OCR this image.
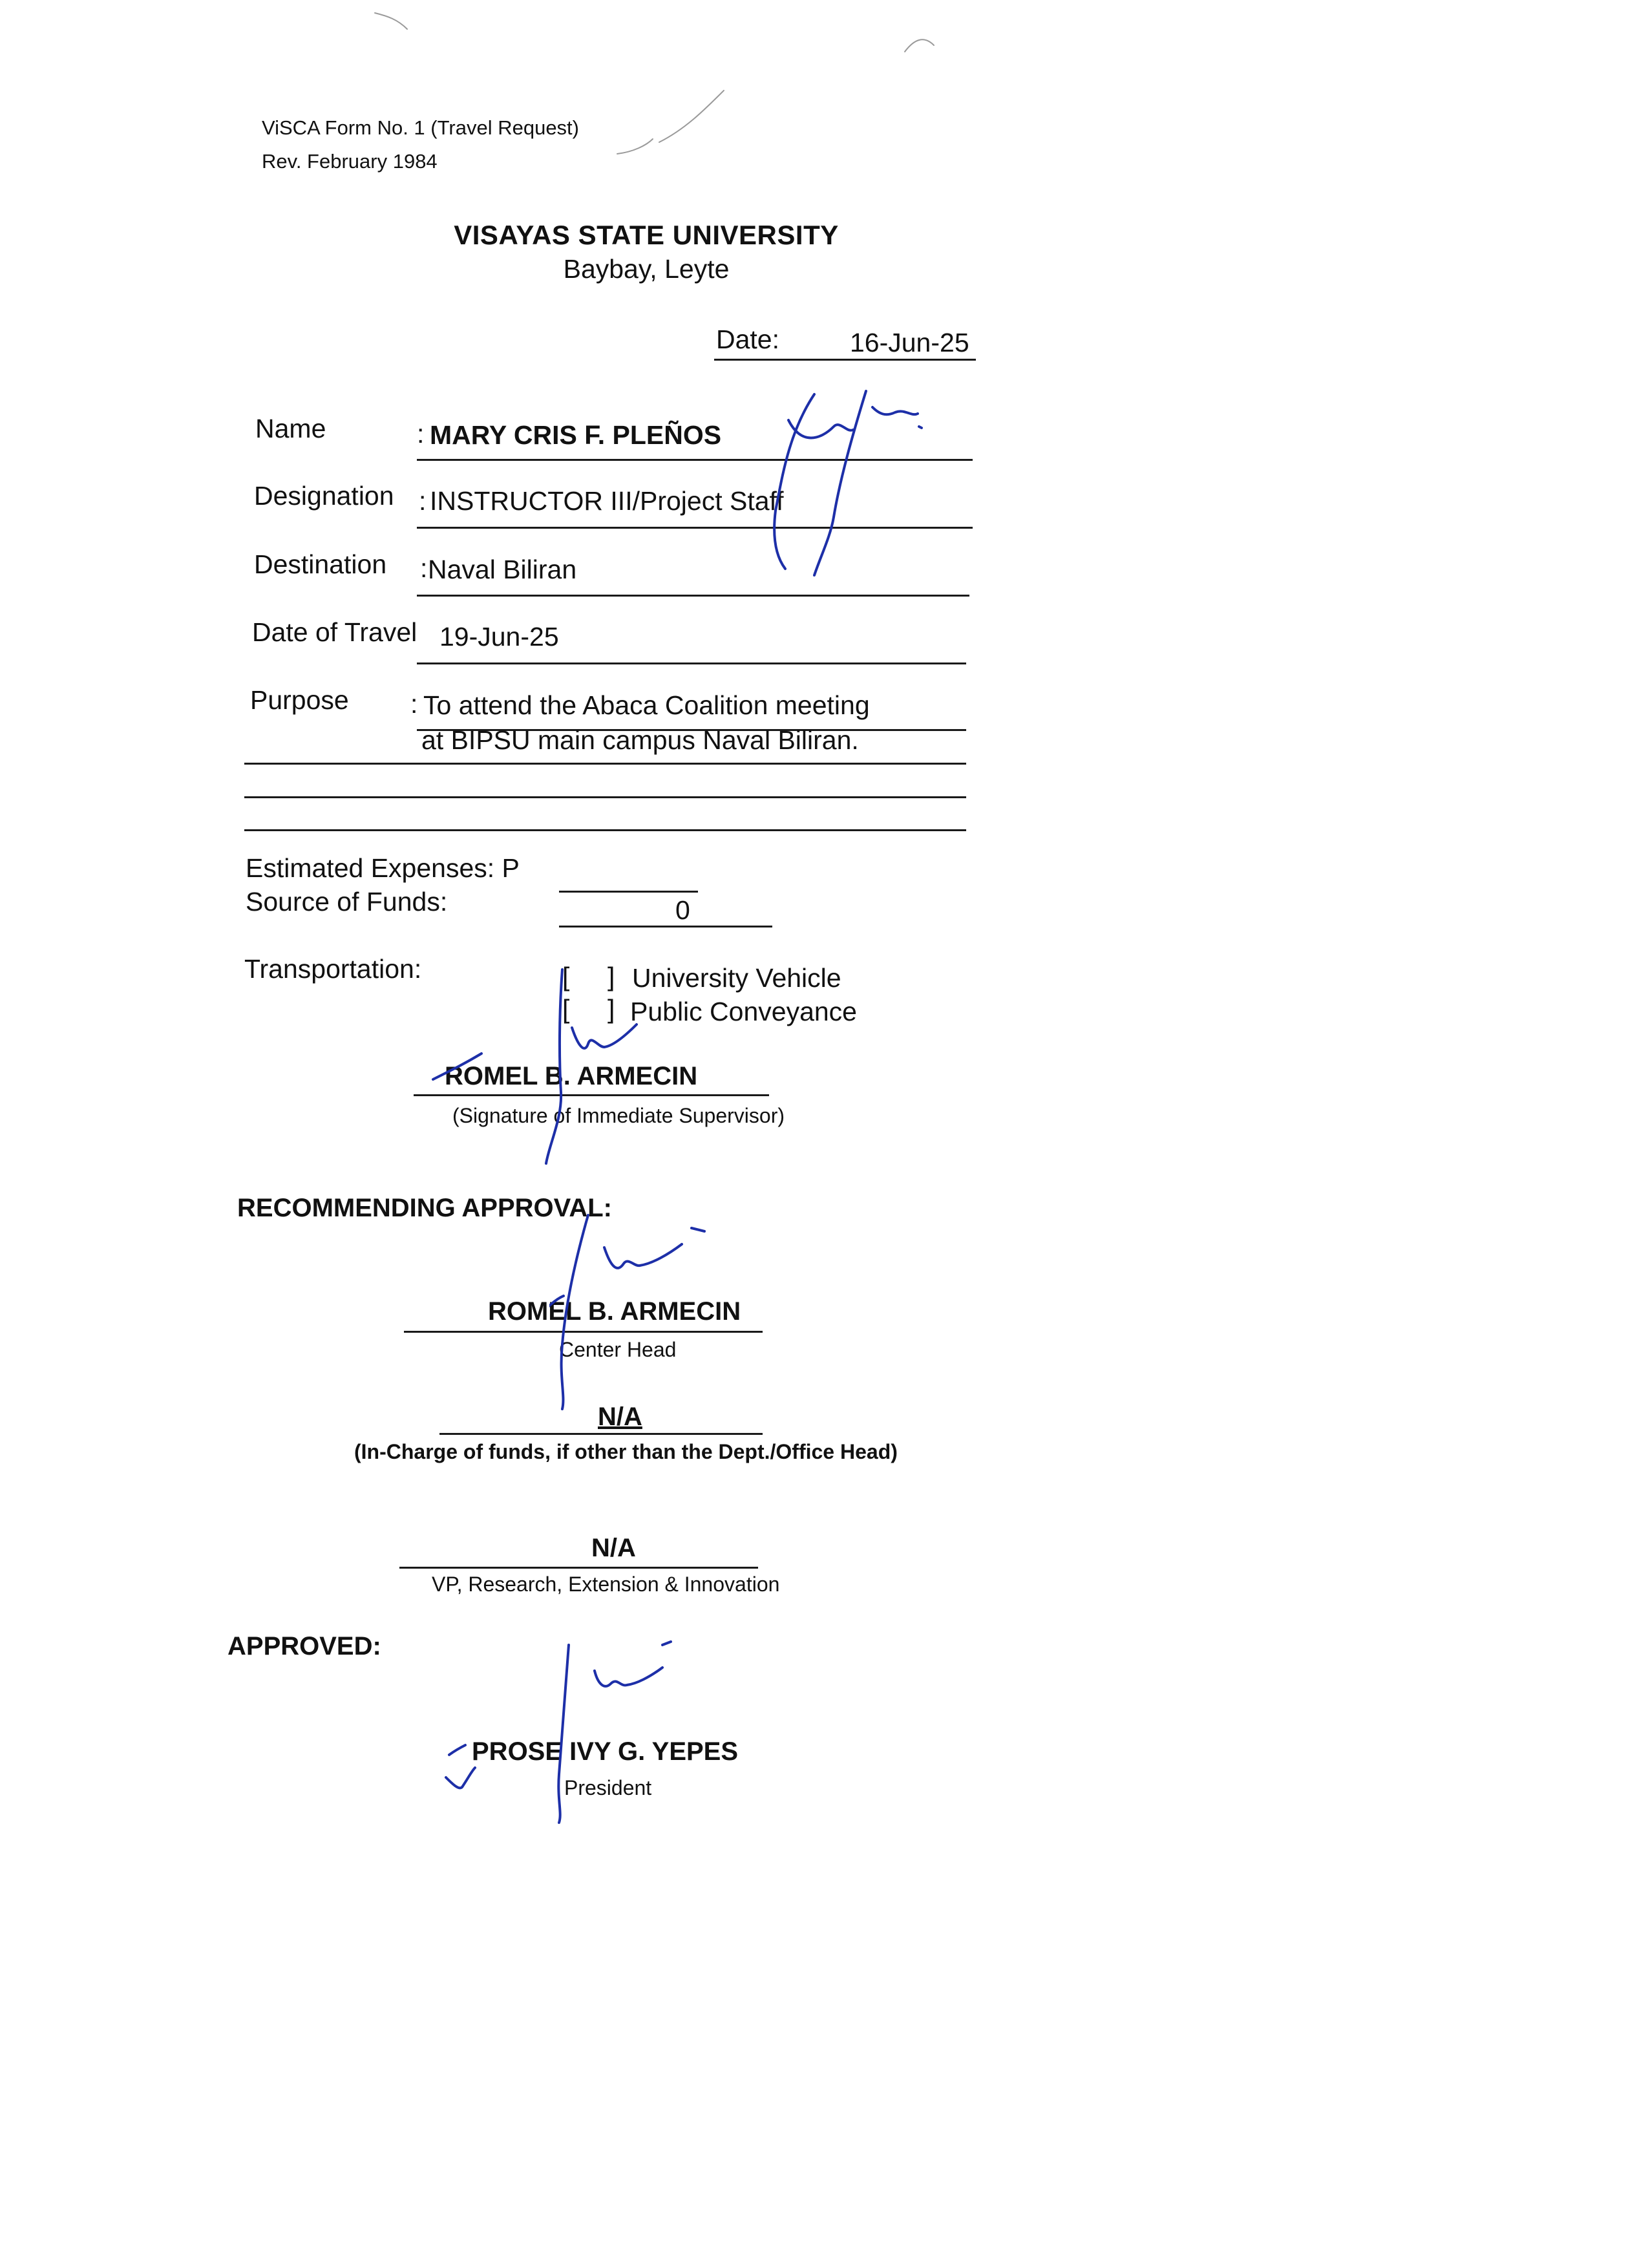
ViSCA Form No. 1 (Travel Request)
Rev. February 1984
VISAYAS STATE UNIVERSITY
Baybay, Leyte
Date:	16-Jun-25
Name	: MARY CRIS F. PLEÑOS
Designation : INSTRUCTOR III/Project Staff
Destination : Naval Biliran
Date of Travel 19-Jun-25
Purpose : To attend the Abaca Coalition meeting
at BIPSU main campus Naval Biliran.
Estimated Expenses: P
Source of Funds:	0
Transportation:	[ ] University Vehicle
[ ] Public Conveyance
ROMEL B. ARMECIN
(Signature of Immediate Supervisor)
RECOMMENDING APPROVAL:
ROMEL B. ARMECIN
Center Head
N/A
(In-Charge of funds, if other than the Dept./Office Head)
N/A
VP, Research, Extension & Innovation
APPROVED:
PROSE IVY G. YEPES
President
